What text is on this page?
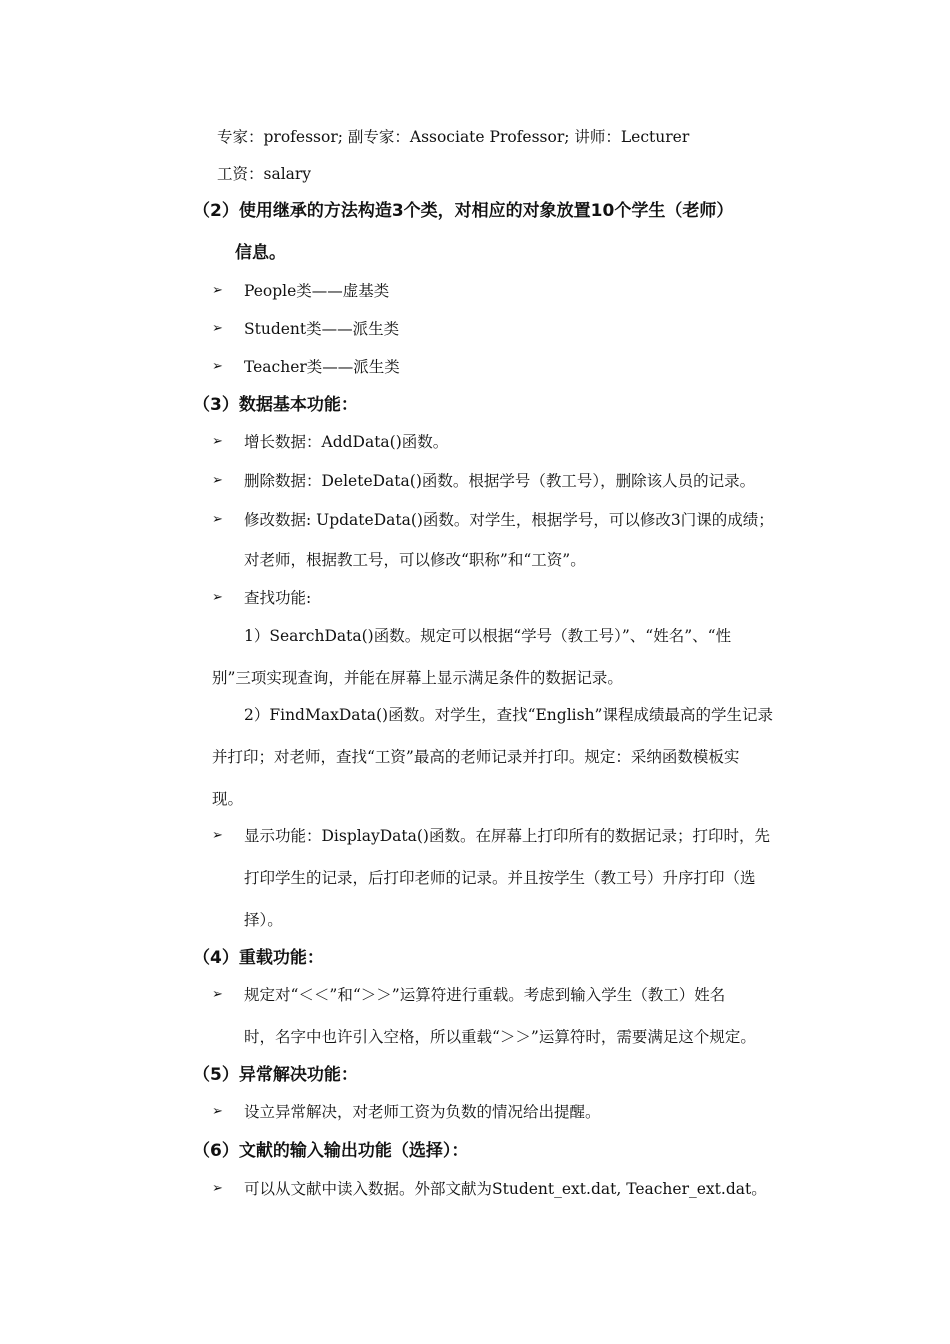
专家：professor; 副专家：Associate Professor; 讲师：Lecturer
工资：salary
（2）使用继承的方法构造3个类，对相应的对象放置10个学生（老师）
信息。
➢ People类——虚基类
➢ Student类——派生类
➢ Teacher类——派生类
（3）数据基本功能：
➢ 增长数据：AddData()函数。
➢ 删除数据：DeleteData()函数。根据学号（教工号），删除该人员的记录。
➢ 修改数据: UpdateData()函数。对学生，根据学号，可以修改3门课的成绩；
对老师，根据教工号，可以修改“职称”和“工资”。
➢ 查找功能:
1）SearchData()函数。规定可以根据“学号（教工号）”、“姓名”、“性
别”三项实现查询，并能在屏幕上显示满足条件的数据记录。
2）FindMaxData()函数。对学生，查找“English”课程成绩最高的学生记录
并打印；对老师，查找“工资”最高的老师记录并打印。规定：采纳函数模板实
现。
➢ 显示功能：DisplayData()函数。在屏幕上打印所有的数据记录；打印时，先
打印学生的记录，后打印老师的记录。并且按学生（教工号）升序打印（选
择）。
（4）重载功能：
➢ 规定对“＜＜”和“＞＞”运算符进行重载。考虑到输入学生（教工）姓名
时，名字中也许引入空格，所以重载“＞＞”运算符时，需要满足这个规定。
（5）异常解决功能：
➢ 设立异常解决，对老师工资为负数的情况给出提醒。
（6）文献的输入输出功能（选择）：
➢ 可以从文献中读入数据。外部文献为Student_ext.dat, Teacher_ext.dat。
